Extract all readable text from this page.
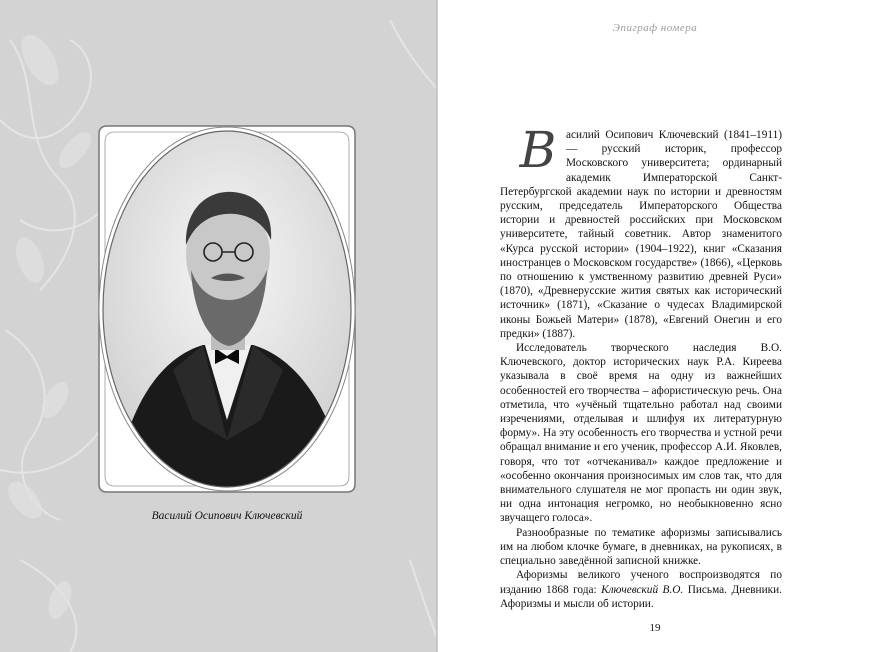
Василий Осипович Ключевский
Эпиграф номера

Василий Осипович Ключевский (1841–1911) — русский историк, профессор Московского университета; ординарный академик Императорской Санкт-Петербургской академии наук по истории и древностям русским, председатель Императорского Общества истории и древностей российских при Московском университете, тайный советник. Автор знаменитого «Курса русской истории» (1904–1922), книг «Сказания иностранцев о Московском государстве» (1866), «Церковь по отношению к умственному развитию древней Руси» (1870), «Древнерусские жития святых как исторический источник» (1871), «Сказание о чудесах Владимирской иконы Божьей Матери» (1878), «Евгений Онегин и его предки» (1887).

Исследователь творческого наследия В.О. Ключевского, доктор исторических наук Р.А. Киреева указывала в своё время на одну из важнейших особенностей его творчества – афористическую речь. Она отметила, что «учёный тщательно работал над своими изречениями, отделывая и шлифуя их литературную форму». На эту особенность его творчества и устной речи обращал внимание и его ученик, профессор А.И. Яковлев, говоря, что тот «отчеканивал» каждое предложение и «особенно окончания произносимых им слов так, что для внимательного слушателя не мог пропасть ни один звук, ни одна интонация негромко, но необыкновенно ясно звучащего голоса».

Разнообразные по тематике афоризмы записывались им на любом клочке бумаге, в дневниках, на рукописях, в специально заведённой записной книжке.

Афоризмы великого ученого воспроизводятся по изданию 1868 года: Ключевский В.О. Письма. Дневники. Афоризмы и мысли об истории.

19
